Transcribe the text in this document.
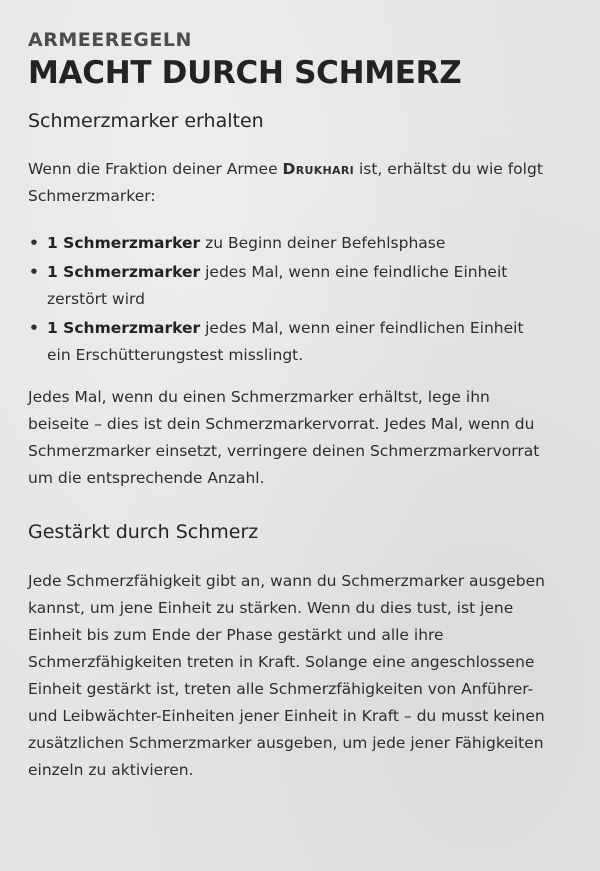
ARMEEREGELN
MACHT DURCH SCHMERZ
Schmerzmarker erhalten

Wenn die Fraktion deiner Armee Drukhari ist, erhältst du wie folgt Schmerzmarker:

• 1 Schmerzmarker zu Beginn deiner Befehlsphase
• 1 Schmerzmarker jedes Mal, wenn eine feindliche Einheit zerstört wird
• 1 Schmerzmarker jedes Mal, wenn einer feindlichen Einheit ein Erschütterungstest misslingt.

Jedes Mal, wenn du einen Schmerzmarker erhältst, lege ihn beiseite – dies ist dein Schmerzmarkervorrat. Jedes Mal, wenn du Schmerzmarker einsetzt, verringere deinen Schmerzmarkervorrat um die entsprechende Anzahl.

Gestärkt durch Schmerz

Jede Schmerzfähigkeit gibt an, wann du Schmerzmarker ausgeben kannst, um jene Einheit zu stärken. Wenn du dies tust, ist jene Einheit bis zum Ende der Phase gestärkt und alle ihre Schmerzfähigkeiten treten in Kraft. Solange eine angeschlossene Einheit gestärkt ist, treten alle Schmerzfähigkeiten von Anführer- und Leibwächter-Einheiten jener Einheit in Kraft – du musst keinen zusätzlichen Schmerzmarker ausgeben, um jede jener Fähigkeiten einzeln zu aktivieren.
